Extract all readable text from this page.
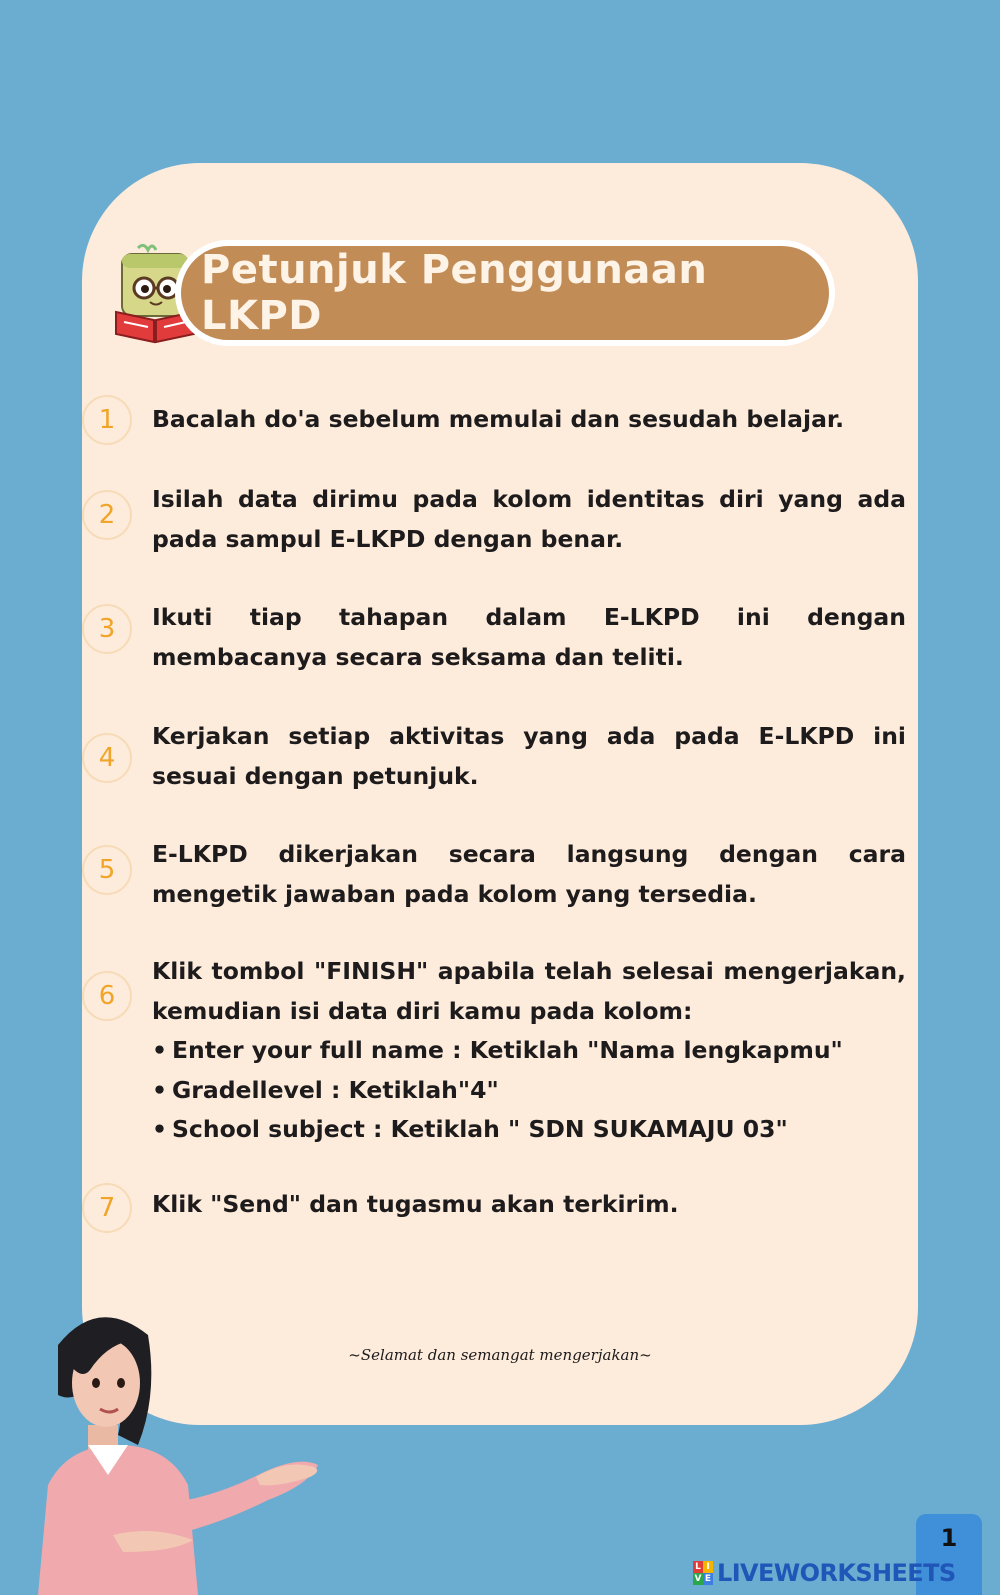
Petunjuk Penggunaan LKPD
1	Bacalah do'a sebelum memulai dan sesudah belajar.

2

Isilah data dirimu pada kolom identitas diri yang ada pada sampul E-LKPD dengan benar.

3	Ikuti tiap tahapan dalam E-LKPD ini dengan membacanya secara seksama dan teliti.

4

Kerjakan setiap aktivitas yang ada pada E-LKPD ini sesuai dengan petunjuk.

5

E-LKPD dikerjakan secara langsung dengan cara mengetik jawaban pada kolom yang tersedia.

6

Klik tombol "FINISH" apabila telah selesai mengerjakan, kemudian isi data diri kamu pada kolom:

• Enter your full name : Ketiklah "Nama lengkapmu"
• Gradellevel : Ketiklah"4"
• School subject : Ketiklah " SDN SUKAMAJU 03"
7	Klik "Send" dan tugasmu akan terkirim.

~Selamat dan semangat mengerjakan~
1
L I
V E LIVEWORKSHEETS
